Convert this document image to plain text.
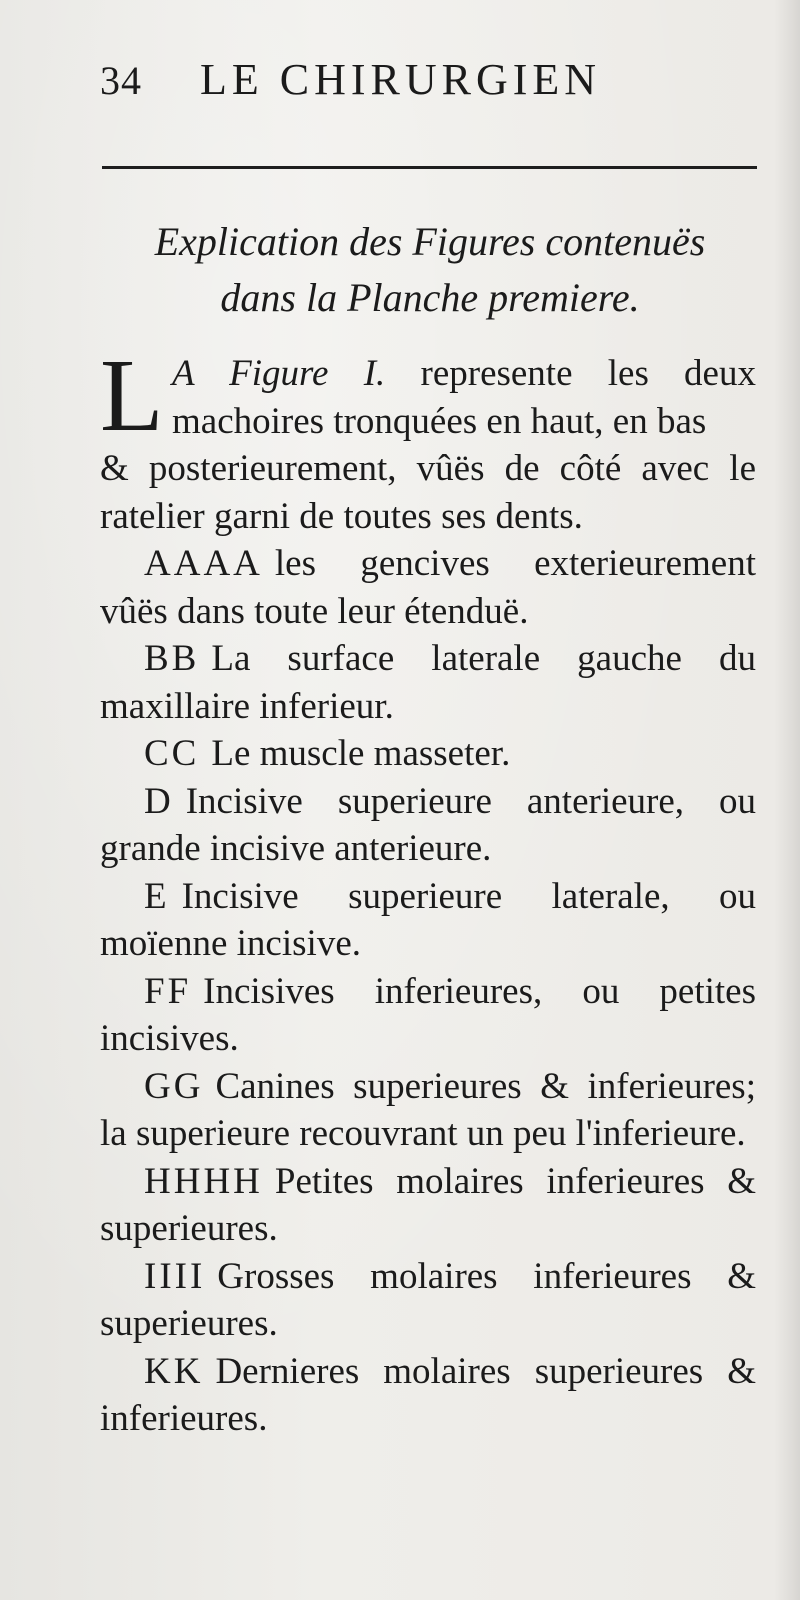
34 LE CHIRURGIEN
Explication des Figures contenuës
dans la Planche premiere.

L A Figure I. represente les deux machoires tronquées en haut, en bas
& posterieurement, vûës de côté avec le ratelier garni de toutes ses dents.

AAAA les gencives exterieurement vûës dans toute leur étenduë.

BB La surface laterale gauche du maxillaire inferieur.

CC Le muscle masseter.

D Incisive superieure anterieure, ou grande incisive anterieure.

E Incisive superieure laterale, ou moïenne incisive.

FF Incisives inferieures, ou petites incisives.

GG Canines superieures & inferieures; la superieure recouvrant un peu l'inferieure.

HHHH Petites molaires inferieures & superieures.

IIII Grosses molaires inferieures & superieures.

KK Dernieres molaires superieures & inferieures.
